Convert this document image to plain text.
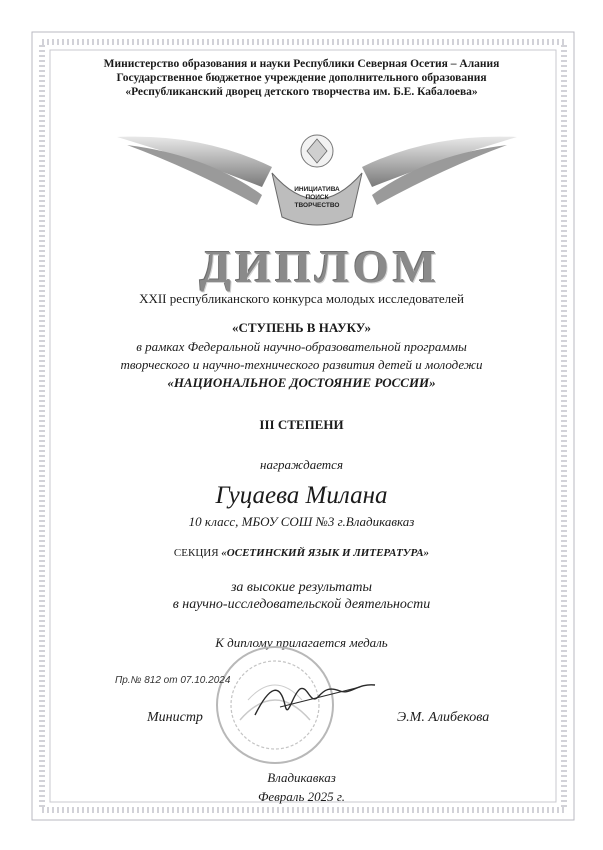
Министерство образования и науки Республики Северная Осетия – Алания
Государственное бюджетное учреждение дополнительного образования
«Республиканский дворец детского творчества им. Б.Е. Кабалоева»
ИНИЦИАТИВА
ПОИСК
ТВОРЧЕСТВО
ДИПЛОМ
XXII республиканского конкурса молодых исследователей
«СТУПЕНЬ В НАУКУ»
в рамках Федеральной научно-образовательной программы
творческого и научно-технического развития детей и молодежи
«НАЦИОНАЛЬНОЕ ДОСТОЯНИЕ РОССИИ»
III СТЕПЕНИ
награждается
Гуцаева Милана
10 класс, МБОУ СОШ №3 г.Владикавказ
СЕКЦИЯ «ОСЕТИНСКИЙ ЯЗЫК И ЛИТЕРАТУРА»
за высокие результаты
в научно-исследовательской деятельности
К диплому прилагается медаль
Пр.№ 812 от 07.10.2024
Министр	Э.М. Алибекова
Владикавказ
Февраль 2025 г.
